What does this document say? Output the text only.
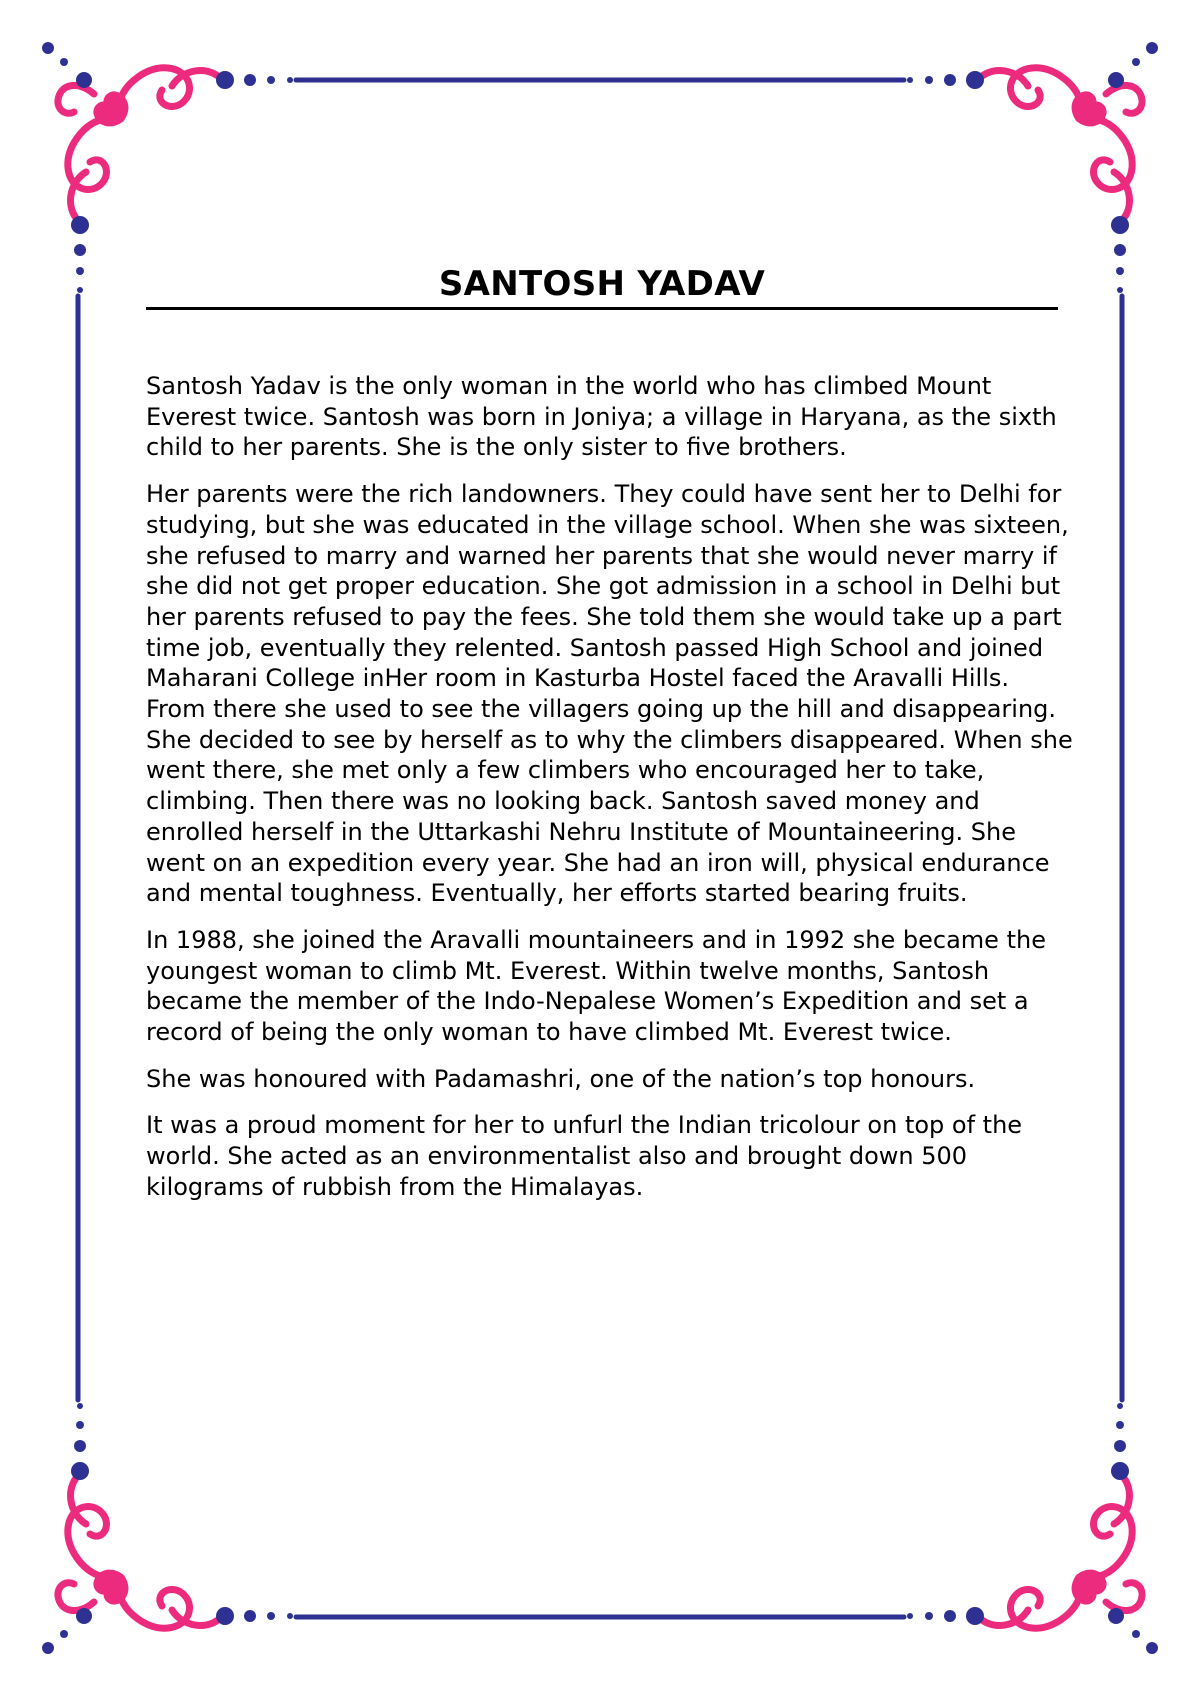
SANTOSH YADAV

Santosh Yadav is the only woman in the world who has climbed Mount Everest twice. Santosh was born in Joniya; a village in Haryana, as the sixth child to her parents. She is the only sister to five brothers.

Her parents were the rich landowners. They could have sent her to Delhi for studying, but she was educated in the village school. When she was sixteen, she refused to marry and warned her parents that she would never marry if she did not get proper education. She got admission in a school in Delhi but her parents refused to pay the fees. She told them she would take up a part time job, eventually they relented. Santosh passed High School and joined Maharani College inHer room in Kasturba Hostel faced the Aravalli Hills. From there she used to see the villagers going up the hill and disappearing. She decided to see by herself as to why the climbers disappeared. When she went there, she met only a few climbers who encouraged her to take, climbing. Then there was no looking back. Santosh saved money and enrolled herself in the Uttarkashi Nehru Institute of Mountaineering. She went on an expedition every year. She had an iron will, physical endurance and mental toughness. Eventually, her efforts started bearing fruits.

In 1988, she joined the Aravalli mountaineers and in 1992 she became the youngest woman to climb Mt. Everest. Within twelve months, Santosh became the member of the Indo-Nepalese Women’s Expedition and set a record of being the only woman to have climbed Mt. Everest twice.

She was honoured with Padamashri, one of the nation’s top honours.

It was a proud moment for her to unfurl the Indian tricolour on top of the world. She acted as an environmentalist also and brought down 500 kilograms of rubbish from the Himalayas.
